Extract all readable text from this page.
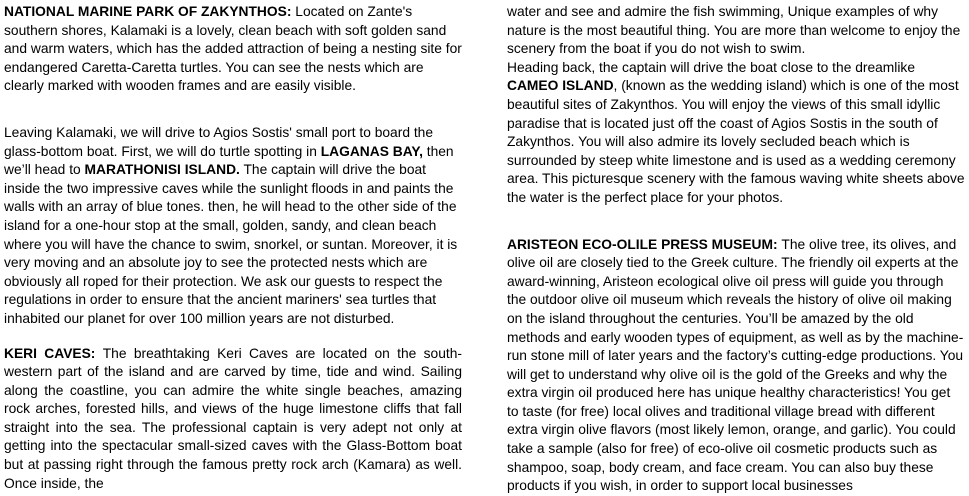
NATIONAL MARINE PARK OF ZAKYNTHOS: Located on Zante's southern shores, Kalamaki is a lovely, clean beach with soft golden sand and warm waters, which has the added attraction of being a nesting site for endangered Caretta-Caretta turtles. You can see the nests which are clearly marked with wooden frames and are easily visible.

Leaving Kalamaki, we will drive to Agios Sostis' small port to board the glass-bottom boat. First, we will do turtle spotting in LAGANAS BAY, then we’ll head to MARATHONISI ISLAND. The captain will drive the boat inside the two impressive caves while the sunlight floods in and paints the walls with an array of blue tones. then, he will head to the other side of the island for a one-hour stop at the small, golden, sandy, and clean beach where you will have the chance to swim, snorkel, or suntan. Moreover, it is very moving and an absolute joy to see the protected nests which are obviously all roped for their protection. We ask our guests to respect the regulations in order to ensure that the ancient mariners' sea turtles that inhabited our planet for over 100 million years are not disturbed.

KERI CAVES: The breathtaking Keri Caves are located on the south-western part of the island and are carved by time, tide and wind. Sailing along the coastline, you can admire the white single beaches, amazing rock arches, forested hills, and views of the huge limestone cliffs that fall straight into the sea. The professional captain is very adept not only at getting into the spectacular small-sized caves with the Glass-Bottom boat but at passing right through the famous pretty rock arch (Kamara) as well. Once inside, the

water and see and admire the fish swimming, Unique examples of why nature is the most beautiful thing. You are more than welcome to enjoy the scenery from the boat if you do not wish to swim.

Heading back, the captain will drive the boat close to the dreamlike CAMEO ISLAND, (known as the wedding island) which is one of the most beautiful sites of Zakynthos. You will enjoy the views of this small idyllic paradise that is located just off the coast of Agios Sostis in the south of Zakynthos. You will also admire its lovely secluded beach which is surrounded by steep white limestone and is used as a wedding ceremony area. This picturesque scenery with the famous waving white sheets above the water is the perfect place for your photos.

ARISTEON ECO-OLILE PRESS MUSEUM: The olive tree, its olives, and olive oil are closely tied to the Greek culture. The friendly oil experts at the award-winning, Aristeon ecological olive oil press will guide you through the outdoor olive oil museum which reveals the history of olive oil making on the island throughout the centuries. You’ll be amazed by the old methods and early wooden types of equipment, as well as by the machine-run stone mill of later years and the factory’s cutting-edge productions. You will get to understand why olive oil is the gold of the Greeks and why the extra virgin oil produced here has unique healthy characteristics! You get to taste (for free) local olives and traditional village bread with different extra virgin olive flavors (most likely lemon, orange, and garlic). You could take a sample (also for free) of eco-olive oil cosmetic products such as shampoo, soap, body cream, and face cream. You can also buy these products if you wish, in order to support local businesses
